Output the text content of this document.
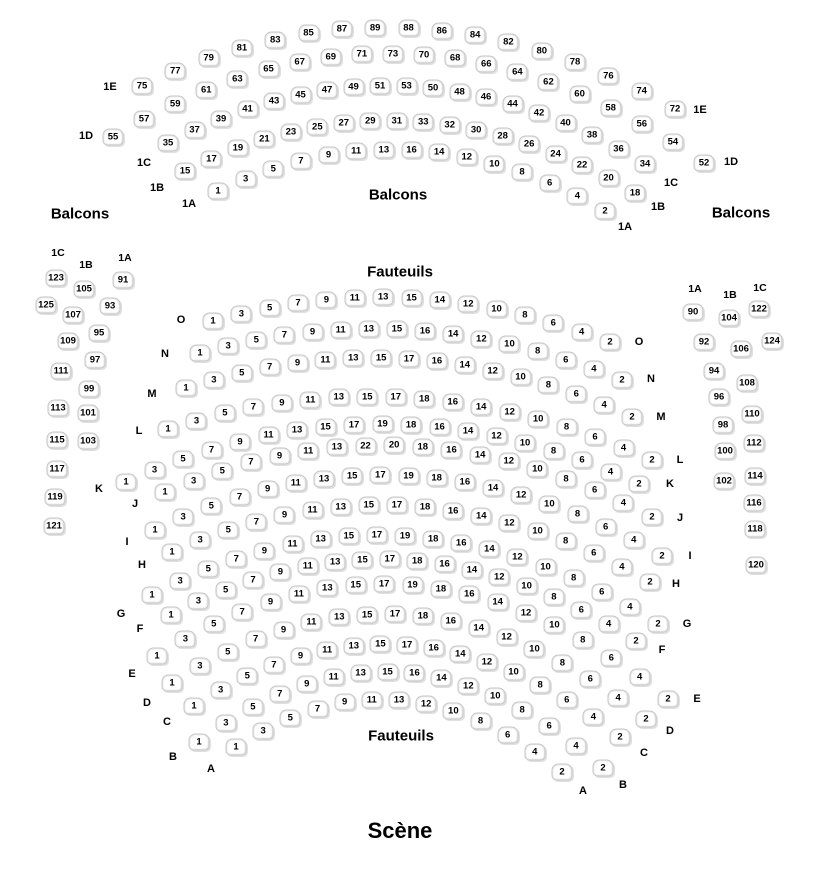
75
77
79
81
83
85	87	89	88	86	84
82
80
78
76
74
72
1E
1E
55
57
59
61
63
65
67	69	71	73	70	68
66
64
62
60
58
56
54
52
1D
1D
35
37
39
41
43
45	47	49	51	53	50	48	46
44
42
40
38
36
34
1C
1C
15
17
19
21
23	25	27	29	31	33	32	30
28
26
24
22
20
18
1B
1B
1
3
5
7
9	11	13	16	14	12
10
8
6
4
2
1A
1A
1
3
5	7	9	11	13	15	14	12	10
8
6
4
2
O
O
1
3
5	7	9	11	13	15	16	14	12
10
8
6
4
2
N
N
1
3
5
7	9	11	13	15	17	16	14	12
10
8
6
4
2
M
M
1
3
5
7	9	11	13	15	17	18	16	14
12
10
8
6
4
2
L
L
1
3
5
7
9
11	13	15	17	19	18	16	14	12
10
8
6
4
2
K	K
1
3
5
7
9	11	13	22	20	18	16	14
12
10
8
6
4
2
J
J
1
3
5
7
9
11	13	15	17	19	18	16
14
12
10
8
6
4
2
I
I
1
3
5
7
9	11	13	15	17	18	16	14
12
10
8
6
4
2
H
H
1
3
5
7
9
11	13	15	17	19	18	16
14
12
10
8
6
4
2
G
G
1
3
5
7
9
11	13	15	17	18	16	14
12
10
8
6
4
2
F
F
1
3
5
7
9
11
13	15	17	19	18
16
14
12
10
8
6
4
2
E
E
1
3
5
7
9
11	13	15	17	18	16
14
12
10
8
6
4
2
D
D
1
3
5
7
9
11	13	15	17	16
14
12
10
8
6
4
2
C
C
1
3
5
7
9
11	13	15	16	14
12
10
8
6
4
2
B
B
1
3
5
7
9	11	13	12
10
8
6
4
2
A
A
1C
1B
1A
91
93
95
97
99
101
103
105
107
109
111
113
115
117
119
121
123
125
1A 1B
1C
90
92
94
96
98
100
102
104
106
108
110
112
114
116
118
120
122
124
Balcons
Balcons
Balcons
Fauteuils
Fauteuils
Scène
